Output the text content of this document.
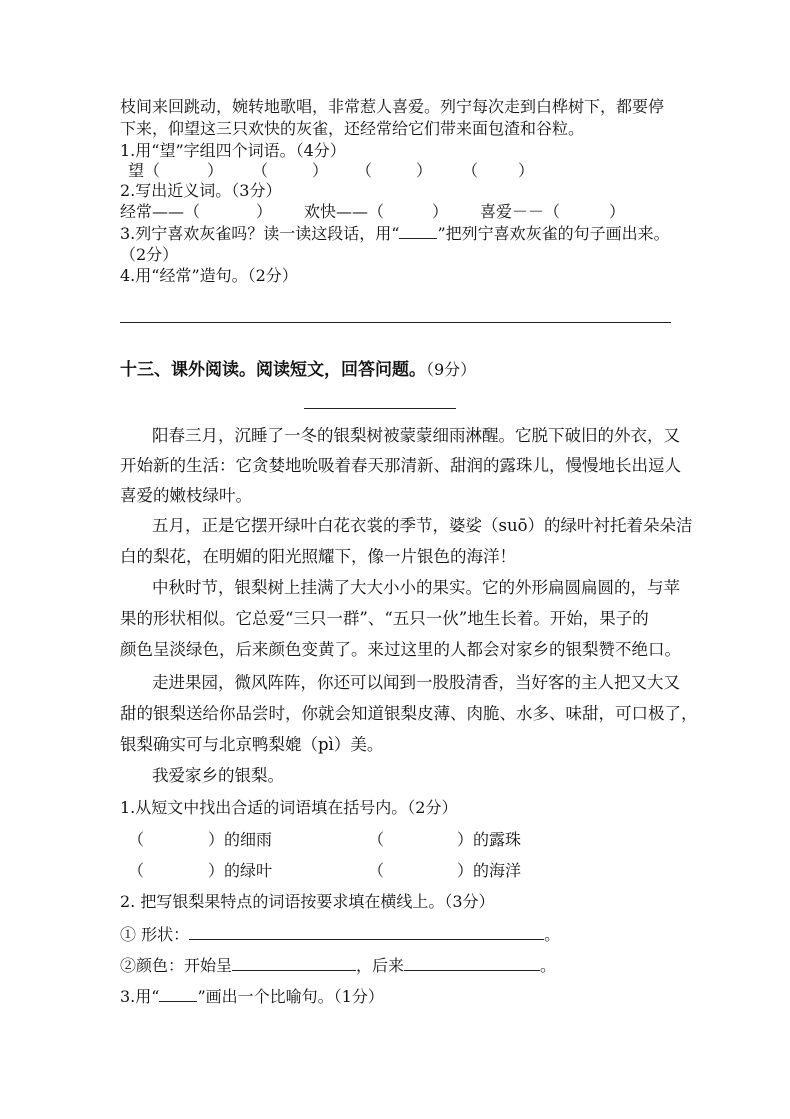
枝间来回跳动，婉转地歌唱，非常惹人喜爱。列宁每次走到白桦树下，都要停
下来，仰望这三只欢快的灰雀，还经常给它们带来面包渣和谷粒。
1.用“望”字组四个词语。（4分）
望（	） （	） （	） （ ）
2.写出近义词。（3分）
经常——（	） 欢快——（	） 喜爱－－（	）
3.列宁喜欢灰雀吗？读一读这段话，用“ ”把列宁喜欢灰雀的句子画出来。
（2分）
4.用“经常”造句。（2分）
十三、课外阅读。阅读短文，回答问题。（9分）
阳春三月，沉睡了一冬的银梨树被蒙蒙细雨淋醒。它脱下破旧的外衣，又
开始新的生活：它贪婪地吮吸着春天那清新、甜润的露珠儿，慢慢地长出逗人
喜爱的嫩枝绿叶。
五月，正是它摆开绿叶白花衣裳的季节，婆娑（suō）的绿叶衬托着朵朵洁
白的梨花，在明媚的阳光照耀下，像一片银色的海洋！
中秋时节，银梨树上挂满了大大小小的果实。它的外形扁圆扁圆的，与苹
果的形状相似。它总爱“三只一群”、“五只一伙”地生长着。开始，果子的
颜色呈淡绿色，后来颜色变黄了。来过这里的人都会对家乡的银梨赞不绝口。
走进果园，微风阵阵，你还可以闻到一股股清香，当好客的主人把又大又
甜的银梨送给你品尝时，你就会知道银梨皮薄、肉脆、水多、味甜，可口极了，
银梨确实可与北京鸭梨媲（pì）美。
我爱家乡的银梨。
1.从短文中找出合适的词语填在括号内。（2分）
（	）的细雨	（	）的露珠
（	）的绿叶	（	）的海洋
2. 把写银梨果特点的词语按要求填在横线上。（3分）
① 形状：	。
②颜色：开始呈	，后来	。
3.用“ ”画出一个比喻句。（1分）
